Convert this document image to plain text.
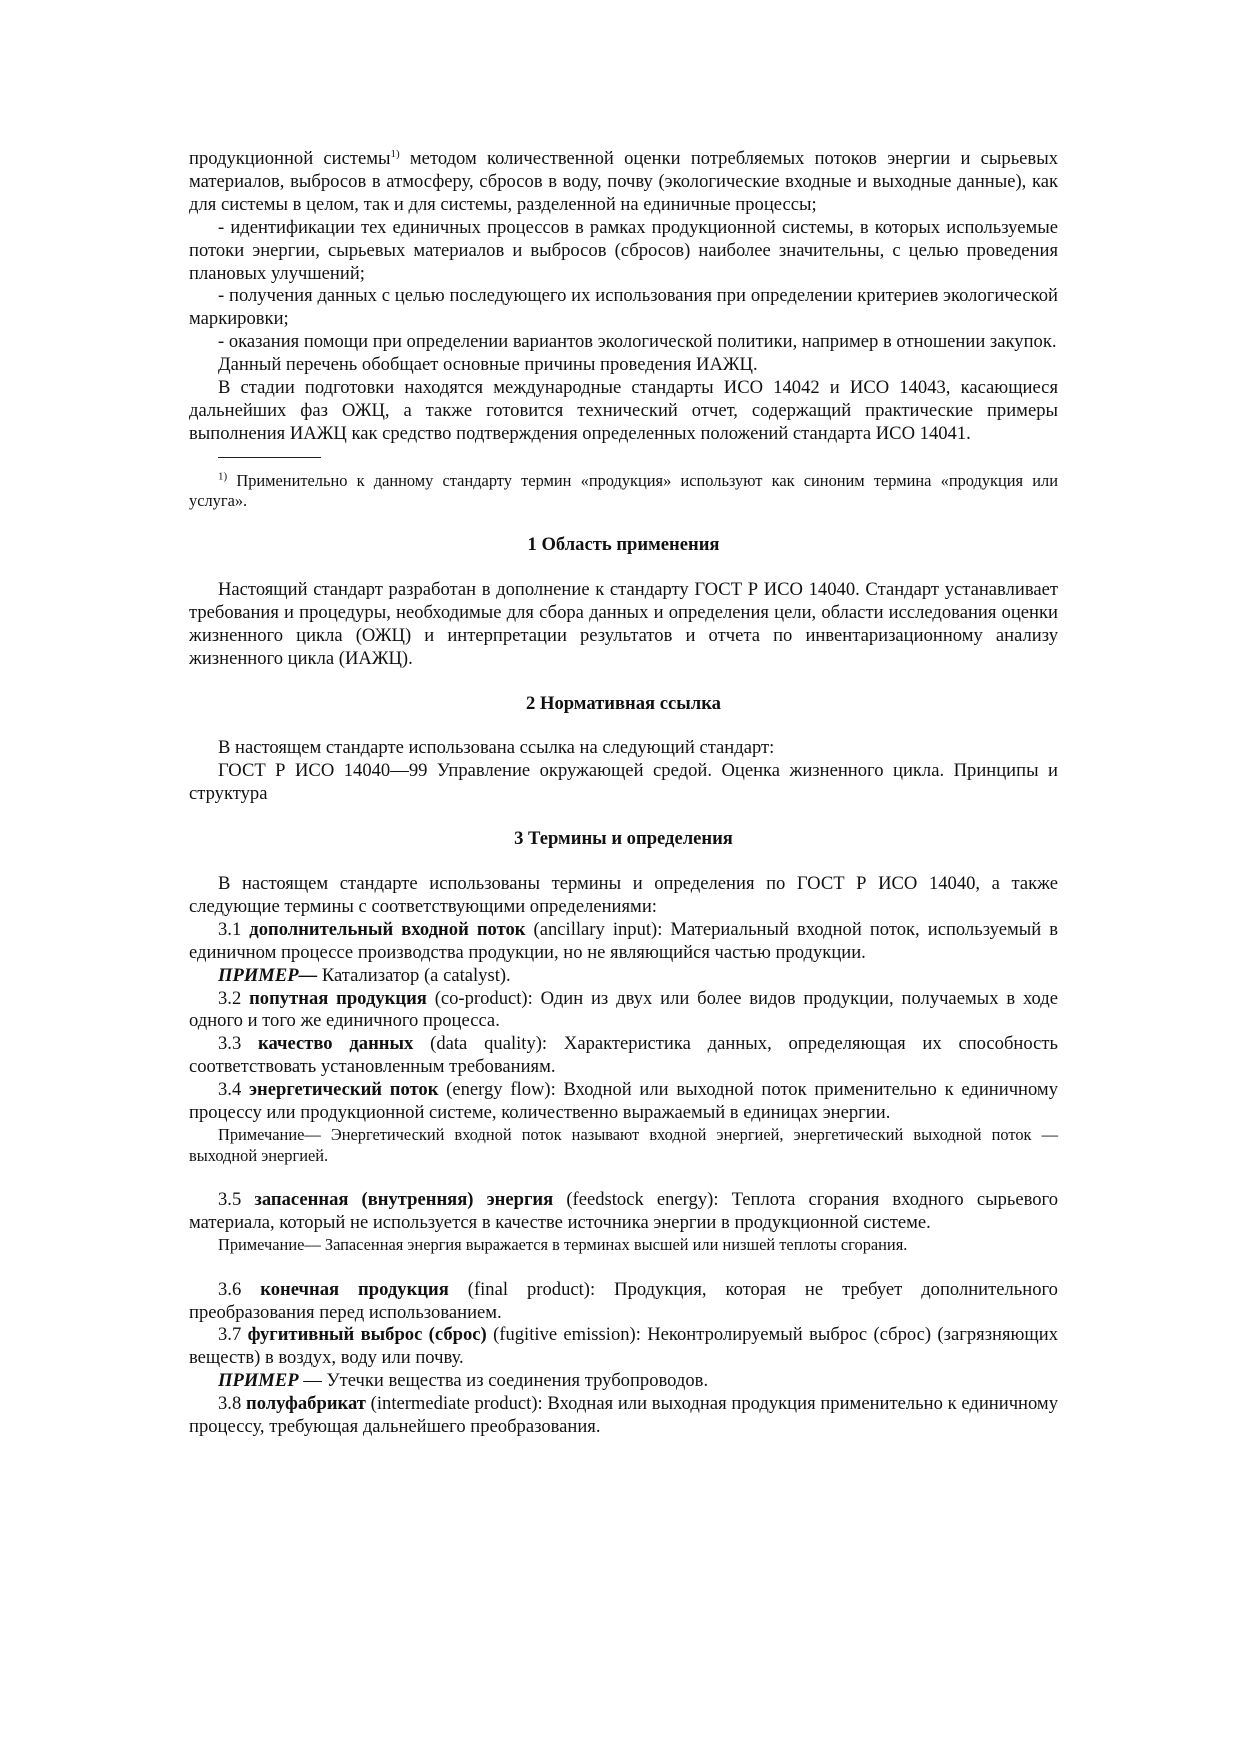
продукционной системы$^{1)}$ методом количественной оценки потребляемых потоков энергии и сырьевых материалов, выбросов в атмосферу, сбросов в воду, почву (экологические входные и выходные данные), как для системы в целом, так и для системы, разделенной на единичные процессы;

- идентификации тех единичных процессов в рамках продукционной системы, в которых используемые потоки энергии, сырьевых материалов и выбросов (сбросов) наиболее значительны, с целью проведения плановых улучшений;

- получения данных с целью последующего их использования при определении критериев экологической маркировки;

- оказания помощи при определении вариантов экологической политики, например в отношении закупок.

Данный перечень обобщает основные причины проведения ИАЖЦ.

В стадии подготовки находятся международные стандарты ИСО 14042 и ИСО 14043, касающиеся дальнейших фаз ОЖЦ, а также готовится технический отчет, содержащий практические примеры выполнения ИАЖЦ как средство подтверждения определенных положений стандарта ИСО 14041.

$^{1)}$ Применительно к данному стандарту термин «продукция» используют как синоним термина «продукция или услуга».

1 Область применения

Настоящий стандарт разработан в дополнение к стандарту ГОСТ Р ИСО 14040. Стандарт устанавливает требования и процедуры, необходимые для сбора данных и определения цели, области исследования оценки жизненного цикла (ОЖЦ) и интерпретации результатов и отчета по инвентаризационному анализу жизненного цикла (ИАЖЦ).

2 Нормативная ссылка

В настоящем стандарте использована ссылка на следующий стандарт:

ГОСТ Р ИСО 14040—99 Управление окружающей средой. Оценка жизненного цикла. Принципы и структура

3 Термины и определения

В настоящем стандарте использованы термины и определения по ГОСТ Р ИСО 14040, а также следующие термины с соответствующими определениями:

3.1 дополнительный входной поток (ancillary input): Материальный входной поток, используемый в единичном процессе производства продукции, но не являющийся частью продукции.

ПРИМЕР— Катализатор (a catalyst).

3.2 попутная продукция (co-product): Один из двух или более видов продукции, получаемых в ходе одного и того же единичного процесса.

3.3 качество данных (data quality): Характеристика данных, определяющая их способность соответствовать установленным требованиям.

3.4 энергетический поток (energy flow): Входной или выходной поток применительно к единичному процессу или продукционной системе, количественно выражаемый в единицах энергии.

Примечание— Энергетический входной поток называют входной энергией, энергетический выходной поток — выходной энергией.

3.5 запасенная (внутренняя) энергия (feedstock energy): Теплота сгорания входного сырьевого материала, который не используется в качестве источника энергии в продукционной системе.

Примечание— Запасенная энергия выражается в терминах высшей или низшей теплоты сгорания.

3.6 конечная продукция (final product): Продукция, которая не требует дополнительного преобразования перед использованием.

3.7 фугитивный выброс (сброс) (fugitive emission): Неконтролируемый выброс (сброс) (загрязняющих веществ) в воздух, воду или почву.

ПРИМЕР — Утечки вещества из соединения трубопроводов.

3.8 полуфабрикат (intermediate product): Входная или выходная продукция применительно к единичному процессу, требующая дальнейшего преобразования.
